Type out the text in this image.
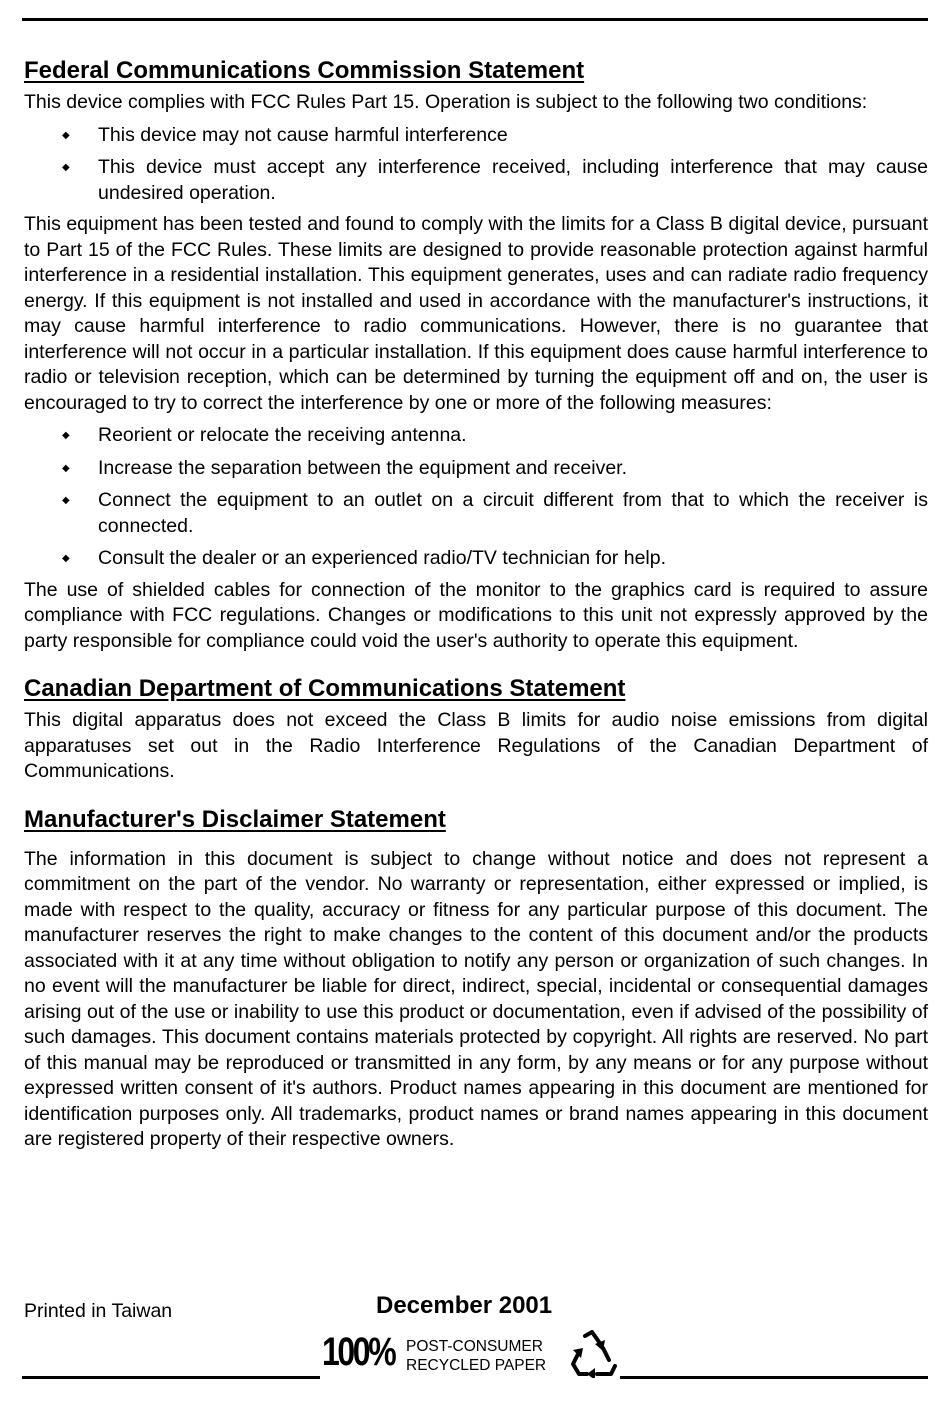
Federal Communications Commission Statement

This device complies with FCC Rules Part 15. Operation is subject to the following two conditions:

◆ This device may not cause harmful interference
◆ This device must accept any interference received, including interference that may cause undesired operation.

This equipment has been tested and found to comply with the limits for a Class B digital device, pursuant to Part 15 of the FCC Rules. These limits are designed to provide reasonable protection against harmful interference in a residential installation. This equipment generates, uses and can radiate radio frequency energy. If this equipment is not installed and used in accordance with the manufacturer's instructions, it may cause harmful interference to radio communications. However, there is no guarantee that interference will not occur in a particular installation. If this equipment does cause harmful interference to radio or television reception, which can be determined by turning the equipment off and on, the user is encouraged to try to correct the interference by one or more of the following measures:

◆ Reorient or relocate the receiving antenna.
◆ Increase the separation between the equipment and receiver.
◆ Connect the equipment to an outlet on a circuit different from that to which the receiver is connected.
◆ Consult the dealer or an experienced radio/TV technician for help.

The use of shielded cables for connection of the monitor to the graphics card is required to assure compliance with FCC regulations. Changes or modifications to this unit not expressly approved by the party responsible for compliance could void the user's authority to operate this equipment.

Canadian Department of Communications Statement

This digital apparatus does not exceed the Class B limits for audio noise emissions from digital apparatuses set out in the Radio Interference Regulations of the Canadian Department of Communications.

Manufacturer's Disclaimer Statement

The information in this document is subject to change without notice and does not represent a commitment on the part of the vendor. No warranty or representation, either expressed or implied, is made with respect to the quality, accuracy or fitness for any particular purpose of this document. The manufacturer reserves the right to make changes to the content of this document and/or the products associated with it at any time without obligation to notify any person or organization of such changes. In no event will the manufacturer be liable for direct, indirect, special, incidental or consequential damages arising out of the use or inability to use this product or documentation, even if advised of the possibility of such damages. This document contains materials protected by copyright. All rights are reserved. No part of this manual may be reproduced or transmitted in any form, by any means or for any purpose without expressed written consent of it's authors. Product names appearing in this document are mentioned for identification purposes only. All trademarks, product names or brand names appearing in this document are registered property of their respective owners.

Printed in Taiwan	December 2001
100% POST-CONSUMER
RECYCLED PAPER
